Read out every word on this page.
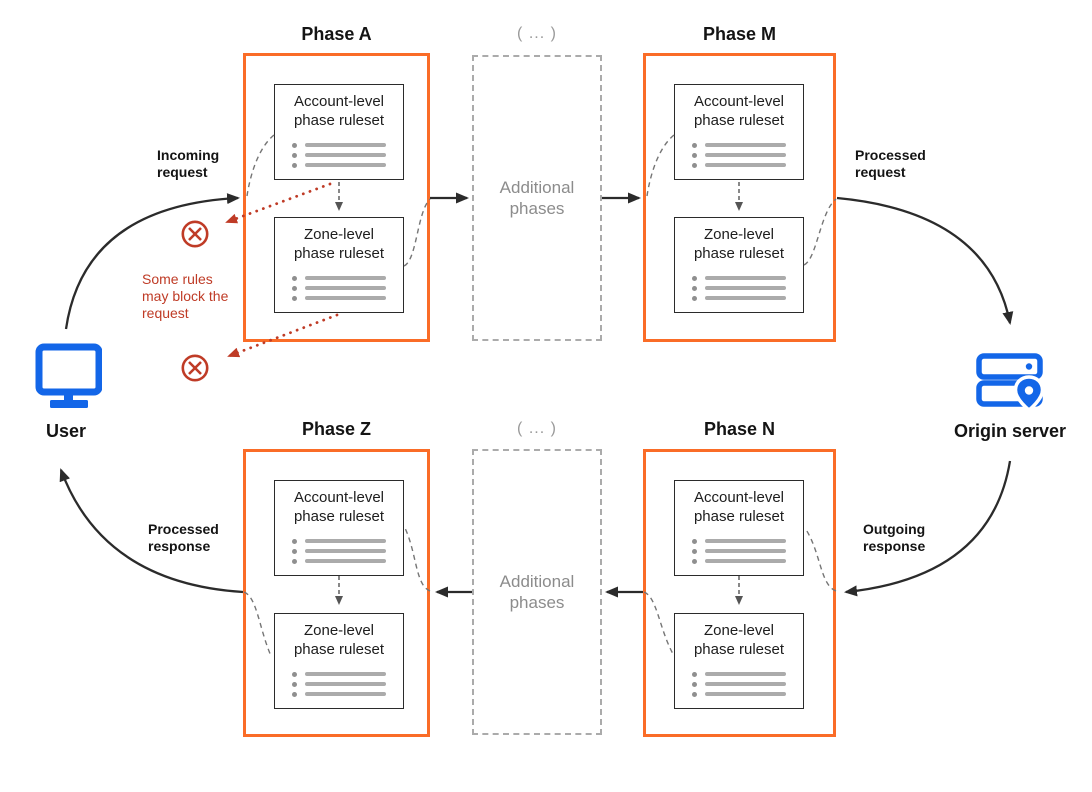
Phase A	( ... )	Phase M
Account-level phase ruleset
Zone-level phase ruleset
Additional phases
Account-level phase ruleset
Zone-level phase ruleset
Phase Z	( ... )	Phase N
Account-level phase ruleset
Zone-level phase ruleset
Additional phases
Account-level phase ruleset
Zone-level phase ruleset
Incoming request
Processed request
Outgoing response
Processed response
Some rules may block the request
User	Origin server
